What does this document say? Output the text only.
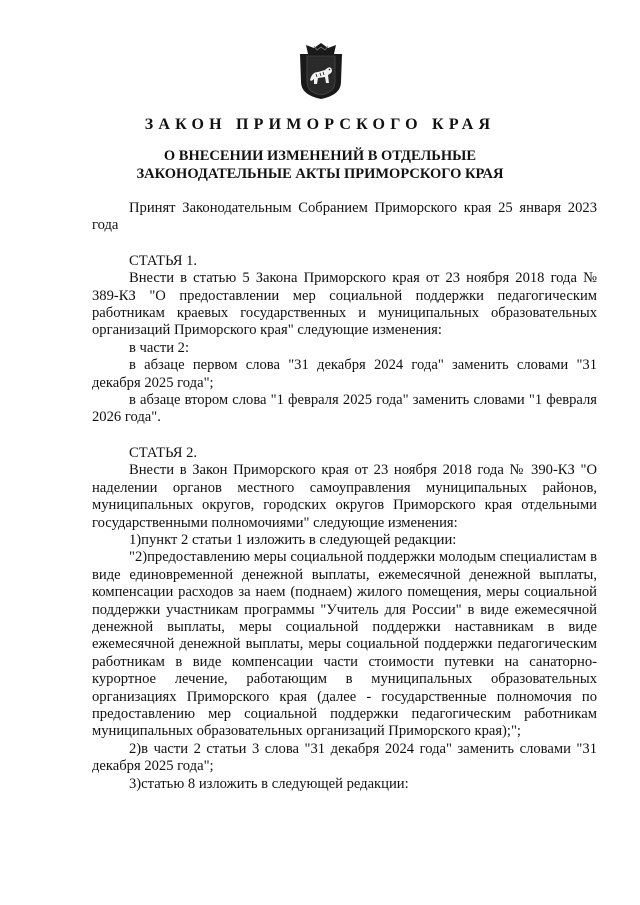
ЗАКОН ПРИМОРСКОГО КРАЯ
О ВНЕСЕНИИ ИЗМЕНЕНИЙ В ОТДЕЛЬНЫЕ
ЗАКОНОДАТЕЛЬНЫЕ АКТЫ ПРИМОРСКОГО КРАЯ

Принят Законодательным Собранием Приморского края 25 января 2023 года

СТАТЬЯ 1.

Внести в статью 5 Закона Приморского края от 23 ноября 2018 года № 389-КЗ "О предоставлении мер социальной поддержки педагогическим работникам краевых государственных и муниципальных образовательных организаций Приморского края" следующие изменения:

в части 2:

в абзаце первом слова "31 декабря 2024 года" заменить словами "31 декабря 2025 года";

в абзаце втором слова "1 февраля 2025 года" заменить словами "1 февраля 2026 года".

СТАТЬЯ 2.

Внести в Закон Приморского края от 23 ноября 2018 года № 390-КЗ "О наделении органов местного самоуправления муниципальных районов, муниципальных округов, городских округов Приморского края отдельными государственными полномочиями" следующие изменения:

1)пункт 2 статьи 1 изложить в следующей редакции:

"2)предоставлению меры социальной поддержки молодым специалистам в виде единовременной денежной выплаты, ежемесячной денежной выплаты, компенсации расходов за наем (поднаем) жилого помещения, меры социальной поддержки участникам программы "Учитель для России" в виде ежемесячной денежной выплаты, меры социальной поддержки наставникам в виде ежемесячной денежной выплаты, меры социальной поддержки педагогическим работникам в виде компенсации части стоимости путевки на санаторно-курортное лечение, работающим в муниципальных образовательных организациях Приморского края (далее - государственные полномочия по предоставлению мер социальной поддержки педагогическим работникам муниципальных образовательных организаций Приморского края);";

2)в части 2 статьи 3 слова "31 декабря 2024 года" заменить словами "31 декабря 2025 года";

3)статью 8 изложить в следующей редакции:
